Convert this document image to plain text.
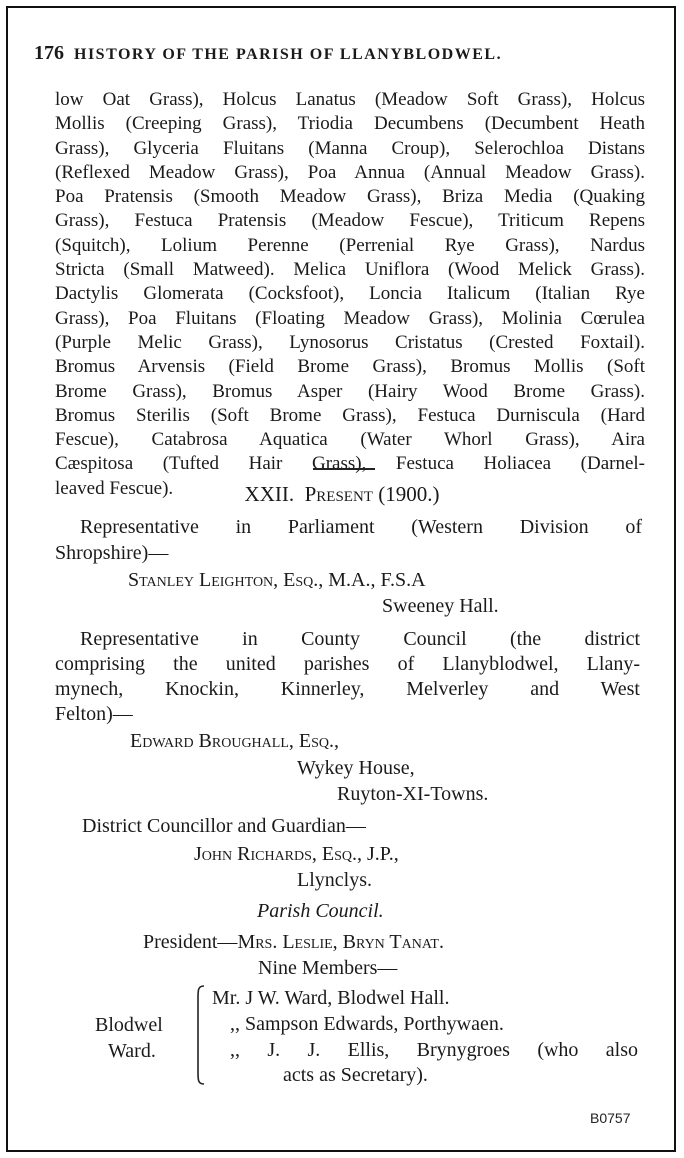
176 HISTORY OF THE PARISH OF LLANYBLODWEL.
low Oat Grass), Holcus Lanatus (Meadow Soft Grass), Holcus
Mollis (Creeping Grass), Triodia Decumbens (Decumbent Heath
Grass), Glyceria Fluitans (Manna Croup), Selerochloa Distans
(Reflexed Meadow Grass), Poa Annua (Annual Meadow Grass).
Poa Pratensis (Smooth Meadow Grass), Briza Media (Quaking
Grass), Festuca Pratensis (Meadow Fescue), Triticum Repens
(Squitch), Lolium Perenne (Perrenial Rye Grass), Nardus
Stricta (Small Matweed). Melica Uniflora (Wood Melick Grass).
Dactylis Glomerata (Cocksfoot), Loncia Italicum (Italian Rye
Grass), Poa Fluitans (Floating Meadow Grass), Molinia Cœrulea
(Purple Melic Grass), Lynosorus Cristatus (Crested Foxtail).
Bromus Arvensis (Field Brome Grass), Bromus Mollis (Soft
Brome Grass), Bromus Asper (Hairy Wood Brome Grass).
Bromus Sterilis (Soft Brome Grass), Festuca Durniscula (Hard
Fescue), Catabrosa Aquatica (Water Whorl Grass), Aira
Cæspitosa (Tufted Hair Grass), Festuca Holiacea (Darnel-
leaved Fescue).	XXII. Present (1900.)
Representative in Parliament (Western Division of
Shropshire)—
Stanley Leighton, Esq., M.A., F.S.A
Sweeney Hall.
Representative in County Council (the district
comprising the united parishes of Llanyblodwel, Llany-
mynech, Knockin, Kinnerley, Melverley and West
Felton)—
Edward Broughall, Esq.,
Wykey House,
Ruyton-XI-Towns.
District Councillor and Guardian—
John Richards, Esq., J.P.,
Llynclys.
Parish Council.
President—Mrs. Leslie, Bryn Tanat.
Nine Members—
Blodwel
Ward.
Mr. J W. Ward, Blodwel Hall.
,, Sampson Edwards, Porthywaen.
,, J. J. Ellis, Brynygroes (who also
acts as Secretary).
B0757
